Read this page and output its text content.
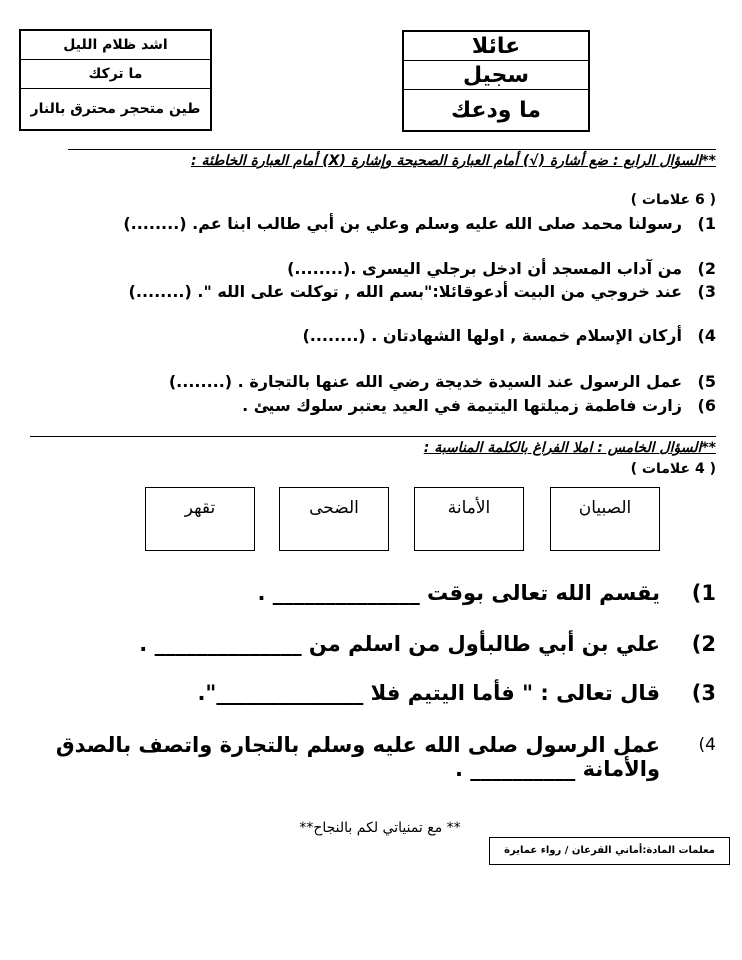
اشد ظلام الليل
ما تركك
طين متحجر محترق بالنار
عائلا
سجيل
ما ودعك
**السؤال الرابع : ضع أشارة (√) أمام العبارة الصحيحة وإشارة (X) أمام العبارة الخاطئة :
( 6 علامات )
1)
رسولنا محمد صلى الله عليه وسلم وعلي بن أبي طالب ابنا عم. (........)
2)
من آداب المسجد أن ادخل برجلي اليسرى .(........)
3)
عند خروجي من البيت أدعوقائلا:"بسم الله , توكلت على الله ". (........)
4)
أركان الإسلام خمسة , اولها الشهادتان . (........)
5)
عمل الرسول عند السيدة خديجة رضي الله عنها بالتجارة . (........)
6)
زارت فاطمة زميلتها اليتيمة في العيد يعتبر سلوك سيئ .
**السؤال الخامس : املا الفراغ بالكلمة المناسبة :
( 4 علامات )
الصبيان
الأمانة
الضحى
تقهر
1)
يقسم الله تعالى بوقت ______________ .
2)
علي بن أبي طالبأول من اسلم من ______________ .
3)
قال تعالى : " فأما اليتيم فلا ______________".
4)
عمل الرسول صلى الله عليه وسلم بالتجارة واتصف بالصدق والأمانة __________ .
** مع تمنياتي لكم بالنجاح**
معلمات المادة:أماني القرعان / رواء عمايرة
